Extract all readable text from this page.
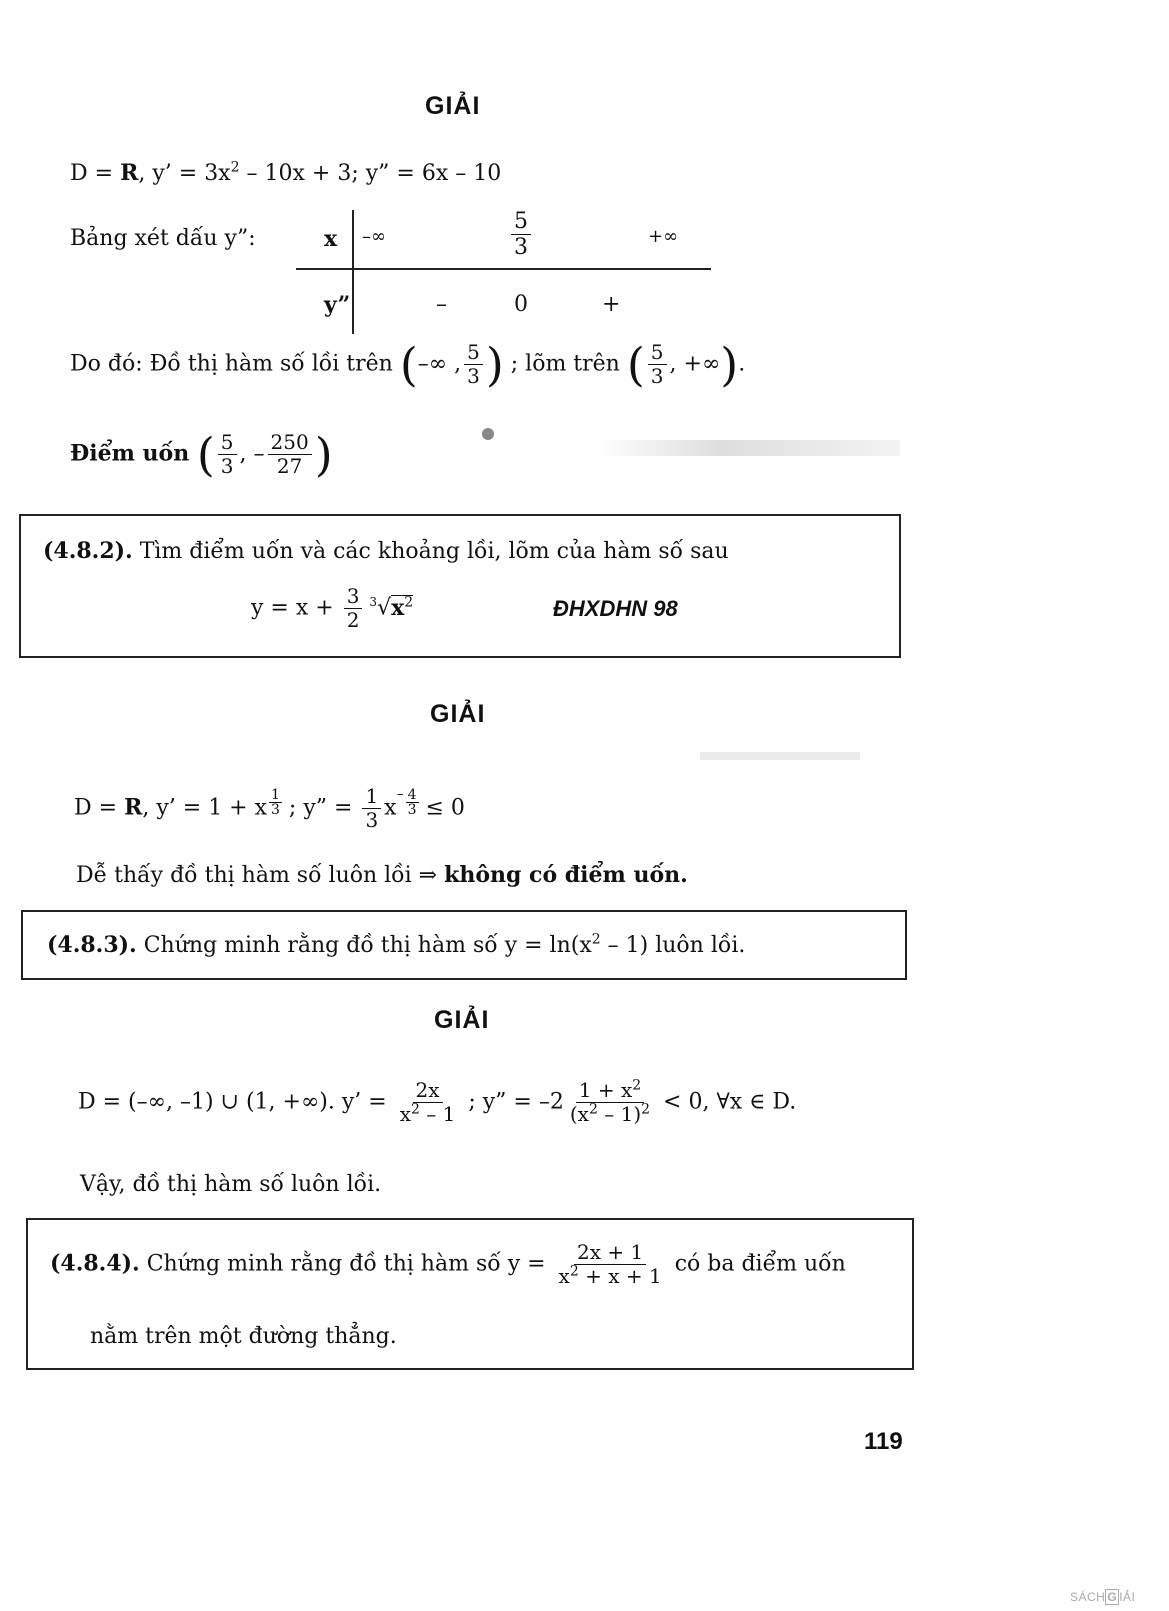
GIẢI
D = R, y’ = $3x^2 - 10x + 3$; y” = 6x – 10
Bảng xét dấu y”:	x –∞	$\frac{5}{3}$	+∞
y”	–	0	+
Do đó: Đồ thị hàm số lồi trên (–∞ , $\frac{5}{3}$ ) ; lõm trên ( $\frac{5}{3}$ , +∞).
Điểm uốn ( $\frac{5}{3}$ , – $\frac{250}{27}$ )
(4.8.2). Tìm điểm uốn và các khoảng lồi, lõm của hàm số sau
$y = x + \frac{3}{2} ^3√x^2$	ĐHXDHN 98
GIẢI
D = R, y’ = 1 + x $\frac{1}{3}$ ; y” = $\frac{1}{3} x^- \frac{4}{3} \le 0$
Dễ thấy đồ thị hàm số luôn lồi ⇒ không có điểm uốn.
(4.8.3). Chứng minh rằng đồ thị hàm số $y = \ln(x^2 - 1)$ luôn lồi.
GIẢI
D = (–∞, –1) ∪ (1, +∞). y’ = $\frac{2x}{x^2 - 1}$ ; y” = $-2 \frac{1 + x^2}{(x^2 - 1)^2} < 0$, ∀x ∈ D.
Vậy, đồ thị hàm số luôn lồi.
(4.8.4). Chứng minh rằng đồ thị hàm số $y = \frac{2x + 1}{x^2 + x + 1}$ có ba điểm uốn
nằm trên một đường thẳng.
119
SÁCH G IẢI
